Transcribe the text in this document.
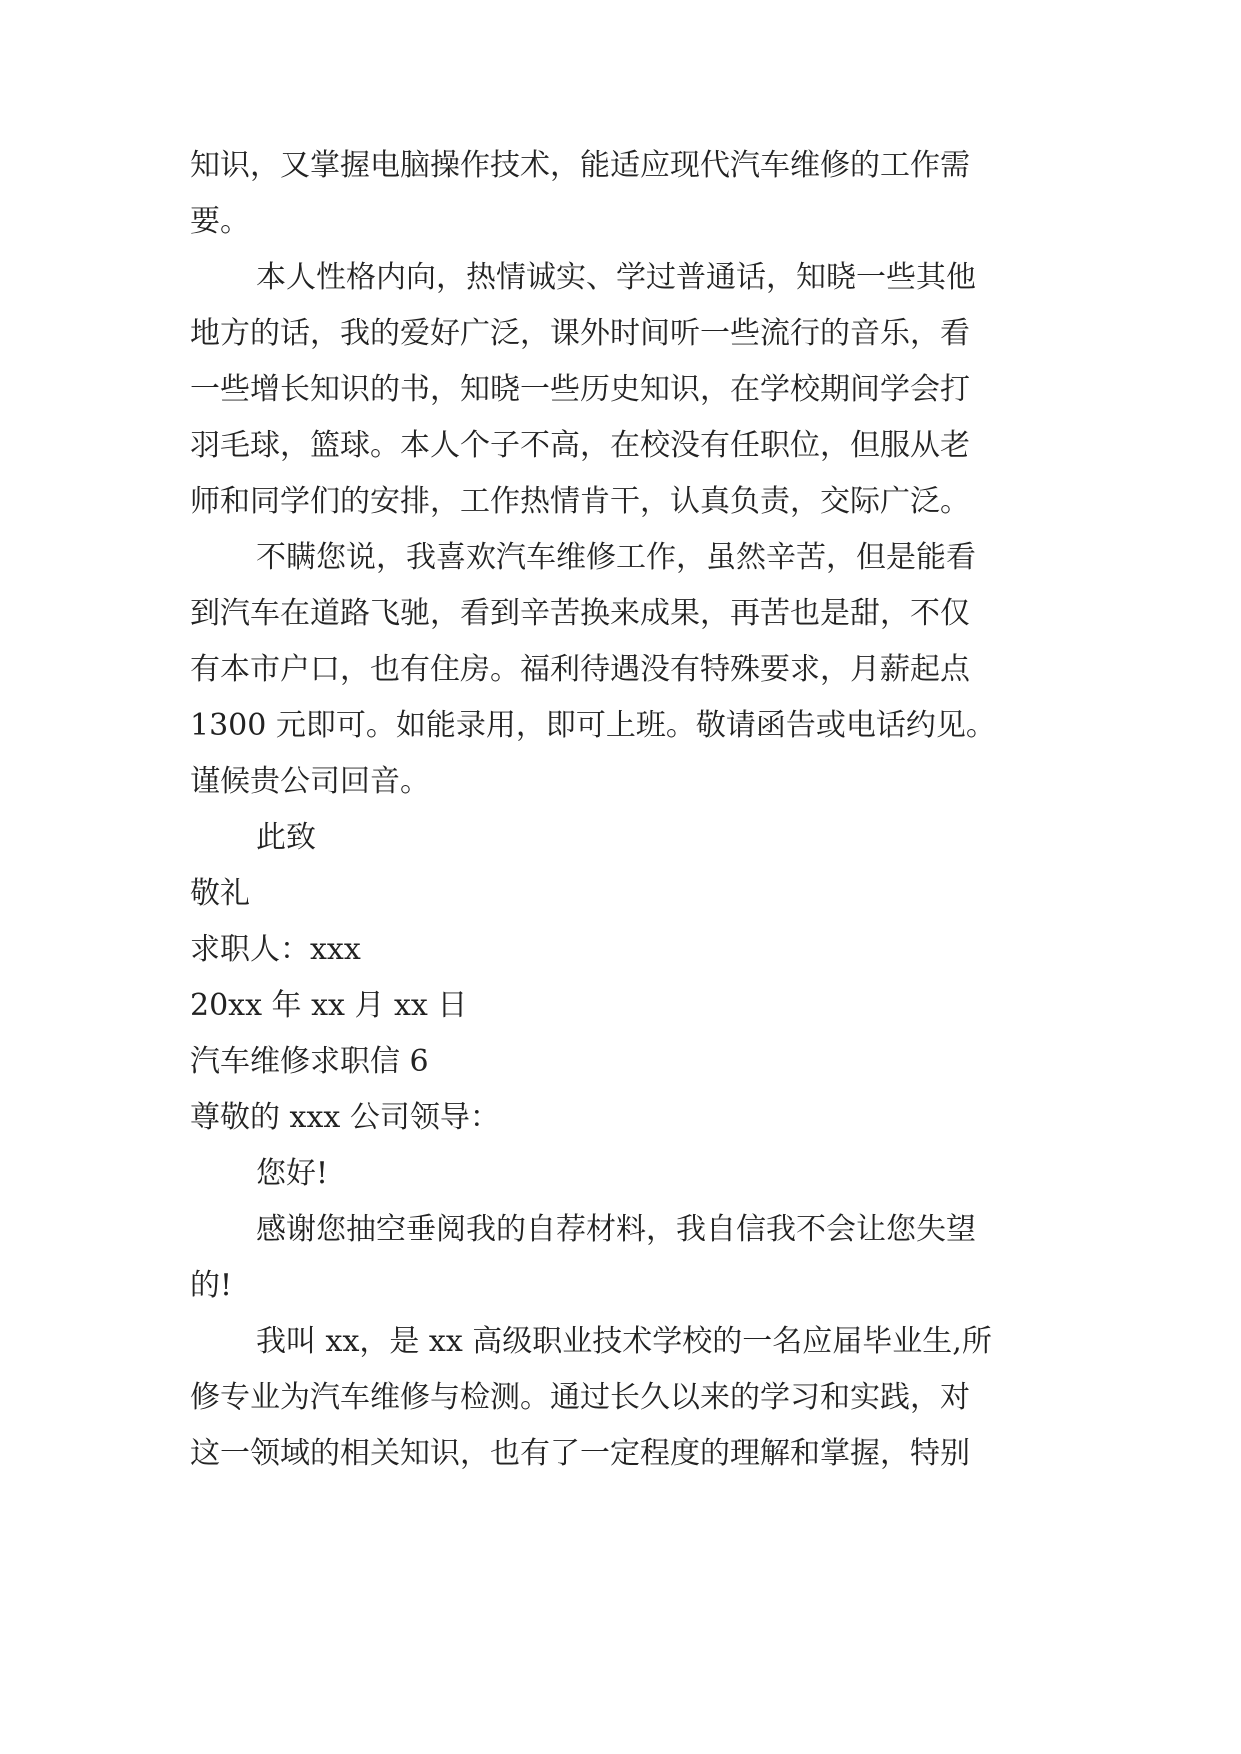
知识，又掌握电脑操作技术，能适应现代汽车维修的工作需

要。

本人性格内向，热情诚实、学过普通话，知晓一些其他

地方的话，我的爱好广泛，课外时间听一些流行的音乐，看

一些增长知识的书，知晓一些历史知识，在学校期间学会打

羽毛球，篮球。本人个子不高，在校没有任职位，但服从老

师和同学们的安排，工作热情肯干，认真负责，交际广泛。

不瞒您说，我喜欢汽车维修工作，虽然辛苦，但是能看

到汽车在道路飞驰，看到辛苦换来成果，再苦也是甜，不仅

有本市户口，也有住房。福利待遇没有特殊要求，月薪起点

1300 元即可。如能录用，即可上班。敬请函告或电话约见。

谨候贵公司回音。

此致

敬礼

求职人：xxx

20xx 年 xx 月 xx 日

汽车维修求职信 6

尊敬的 xxx 公司领导：

您好!

感谢您抽空垂阅我的自荐材料，我自信我不会让您失望

的!

我叫 xx，是 xx 高级职业技术学校的一名应届毕业生,所

修专业为汽车维修与检测。通过长久以来的学习和实践，对

这一领域的相关知识，也有了一定程度的理解和掌握，特别
